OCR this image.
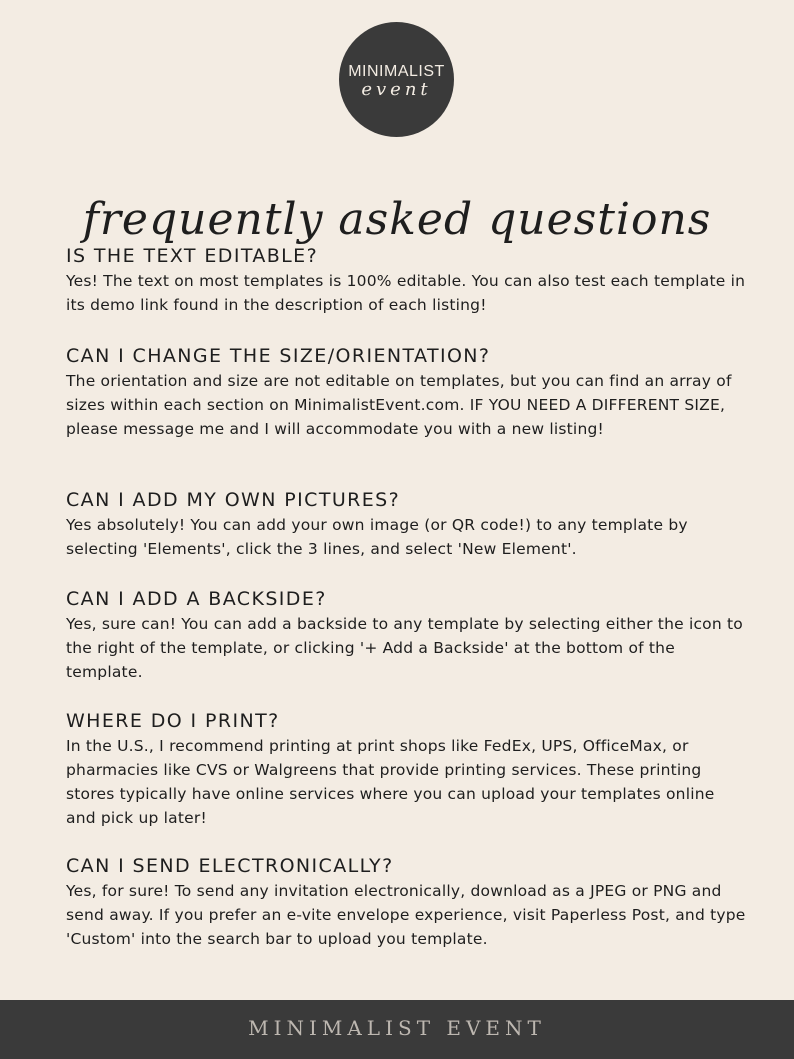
MINIMALIST
event
frequently asked questions
IS THE TEXT EDITABLE?

Yes! The text on most templates is 100% editable. You can also test each template in its demo link found in the description of each listing!

CAN I CHANGE THE SIZE/ORIENTATION?

The orientation and size are not editable on templates, but you can find an array of sizes within each section on MinimalistEvent.com. IF YOU NEED A DIFFERENT SIZE, please message me and I will accommodate you with a new listing!

CAN I ADD MY OWN PICTURES?

Yes absolutely! You can add your own image (or QR code!) to any template by selecting 'Elements', click the 3 lines, and select 'New Element'.

CAN I ADD A BACKSIDE?

Yes, sure can! You can add a backside to any template by selecting either the icon to the right of the template, or clicking '+ Add a Backside' at the bottom of the template.

WHERE DO I PRINT?

In the U.S., I recommend printing at print shops like FedEx, UPS, OfficeMax, or pharmacies like CVS or Walgreens that provide printing services. These printing stores typically have online services where you can upload your templates online and pick up later!

CAN I SEND ELECTRONICALLY?

Yes, for sure! To send any invitation electronically, download as a JPEG or PNG and send away. If you prefer an e-vite envelope experience, visit Paperless Post, and type 'Custom' into the search bar to upload you template.

MINIMALIST EVENT
